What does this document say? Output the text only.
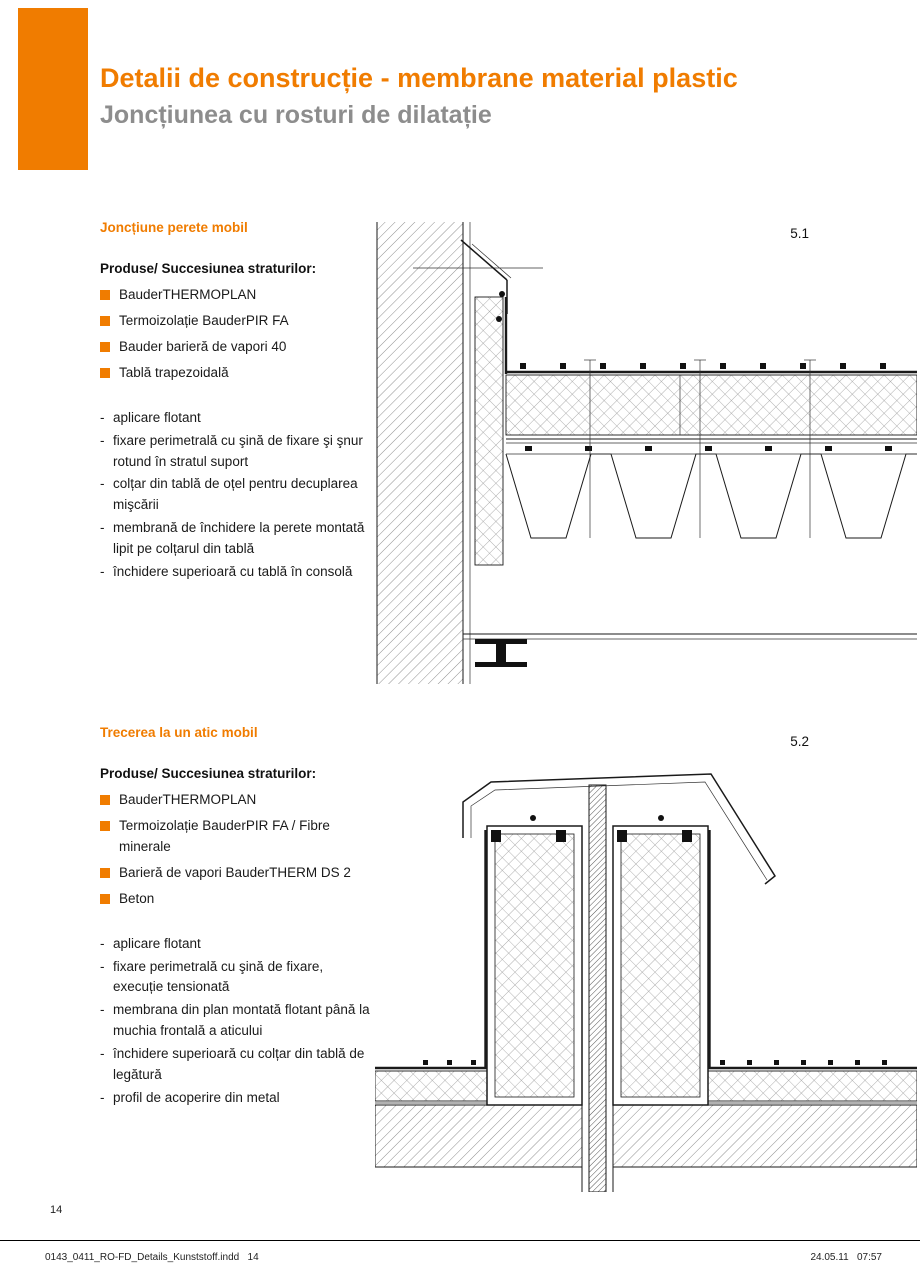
Detalii de construcție - membrane material plastic
Joncțiunea cu rosturi de dilatație
Joncțiune perete mobil

Produse/ Succesiunea straturilor:

BauderTHERMOPLAN
Termoizolație BauderPIR FA
Bauder barieră de vapori 40
Tablă trapezoidală
- aplicare flotant
- fixare perimetrală cu şină de fixare şi şnur rotund în stratul suport
- colțar din tablă de oțel pentru decuplarea mişcării
- membrană de închidere la perete montată lipit pe colțarul din tablă
- închidere superioară cu tablă în consolă
5.1
Trecerea la un atic mobil

Produse/ Succesiunea straturilor:

BauderTHERMOPLAN
Termoizolație BauderPIR FA / Fibre minerale
Barieră de vapori BauderTHERM DS 2
Beton
- aplicare flotant
- fixare perimetrală cu şină de fixare, execuție tensionată
- membrana din plan montată flotant până la muchia frontală a aticului
- închidere superioară cu colțar din tablă de legătură
- profil de acoperire din metal
5.2
14
0143_0411_RO-FD_Details_Kunststoff.indd   14	24.05.11   07:57
